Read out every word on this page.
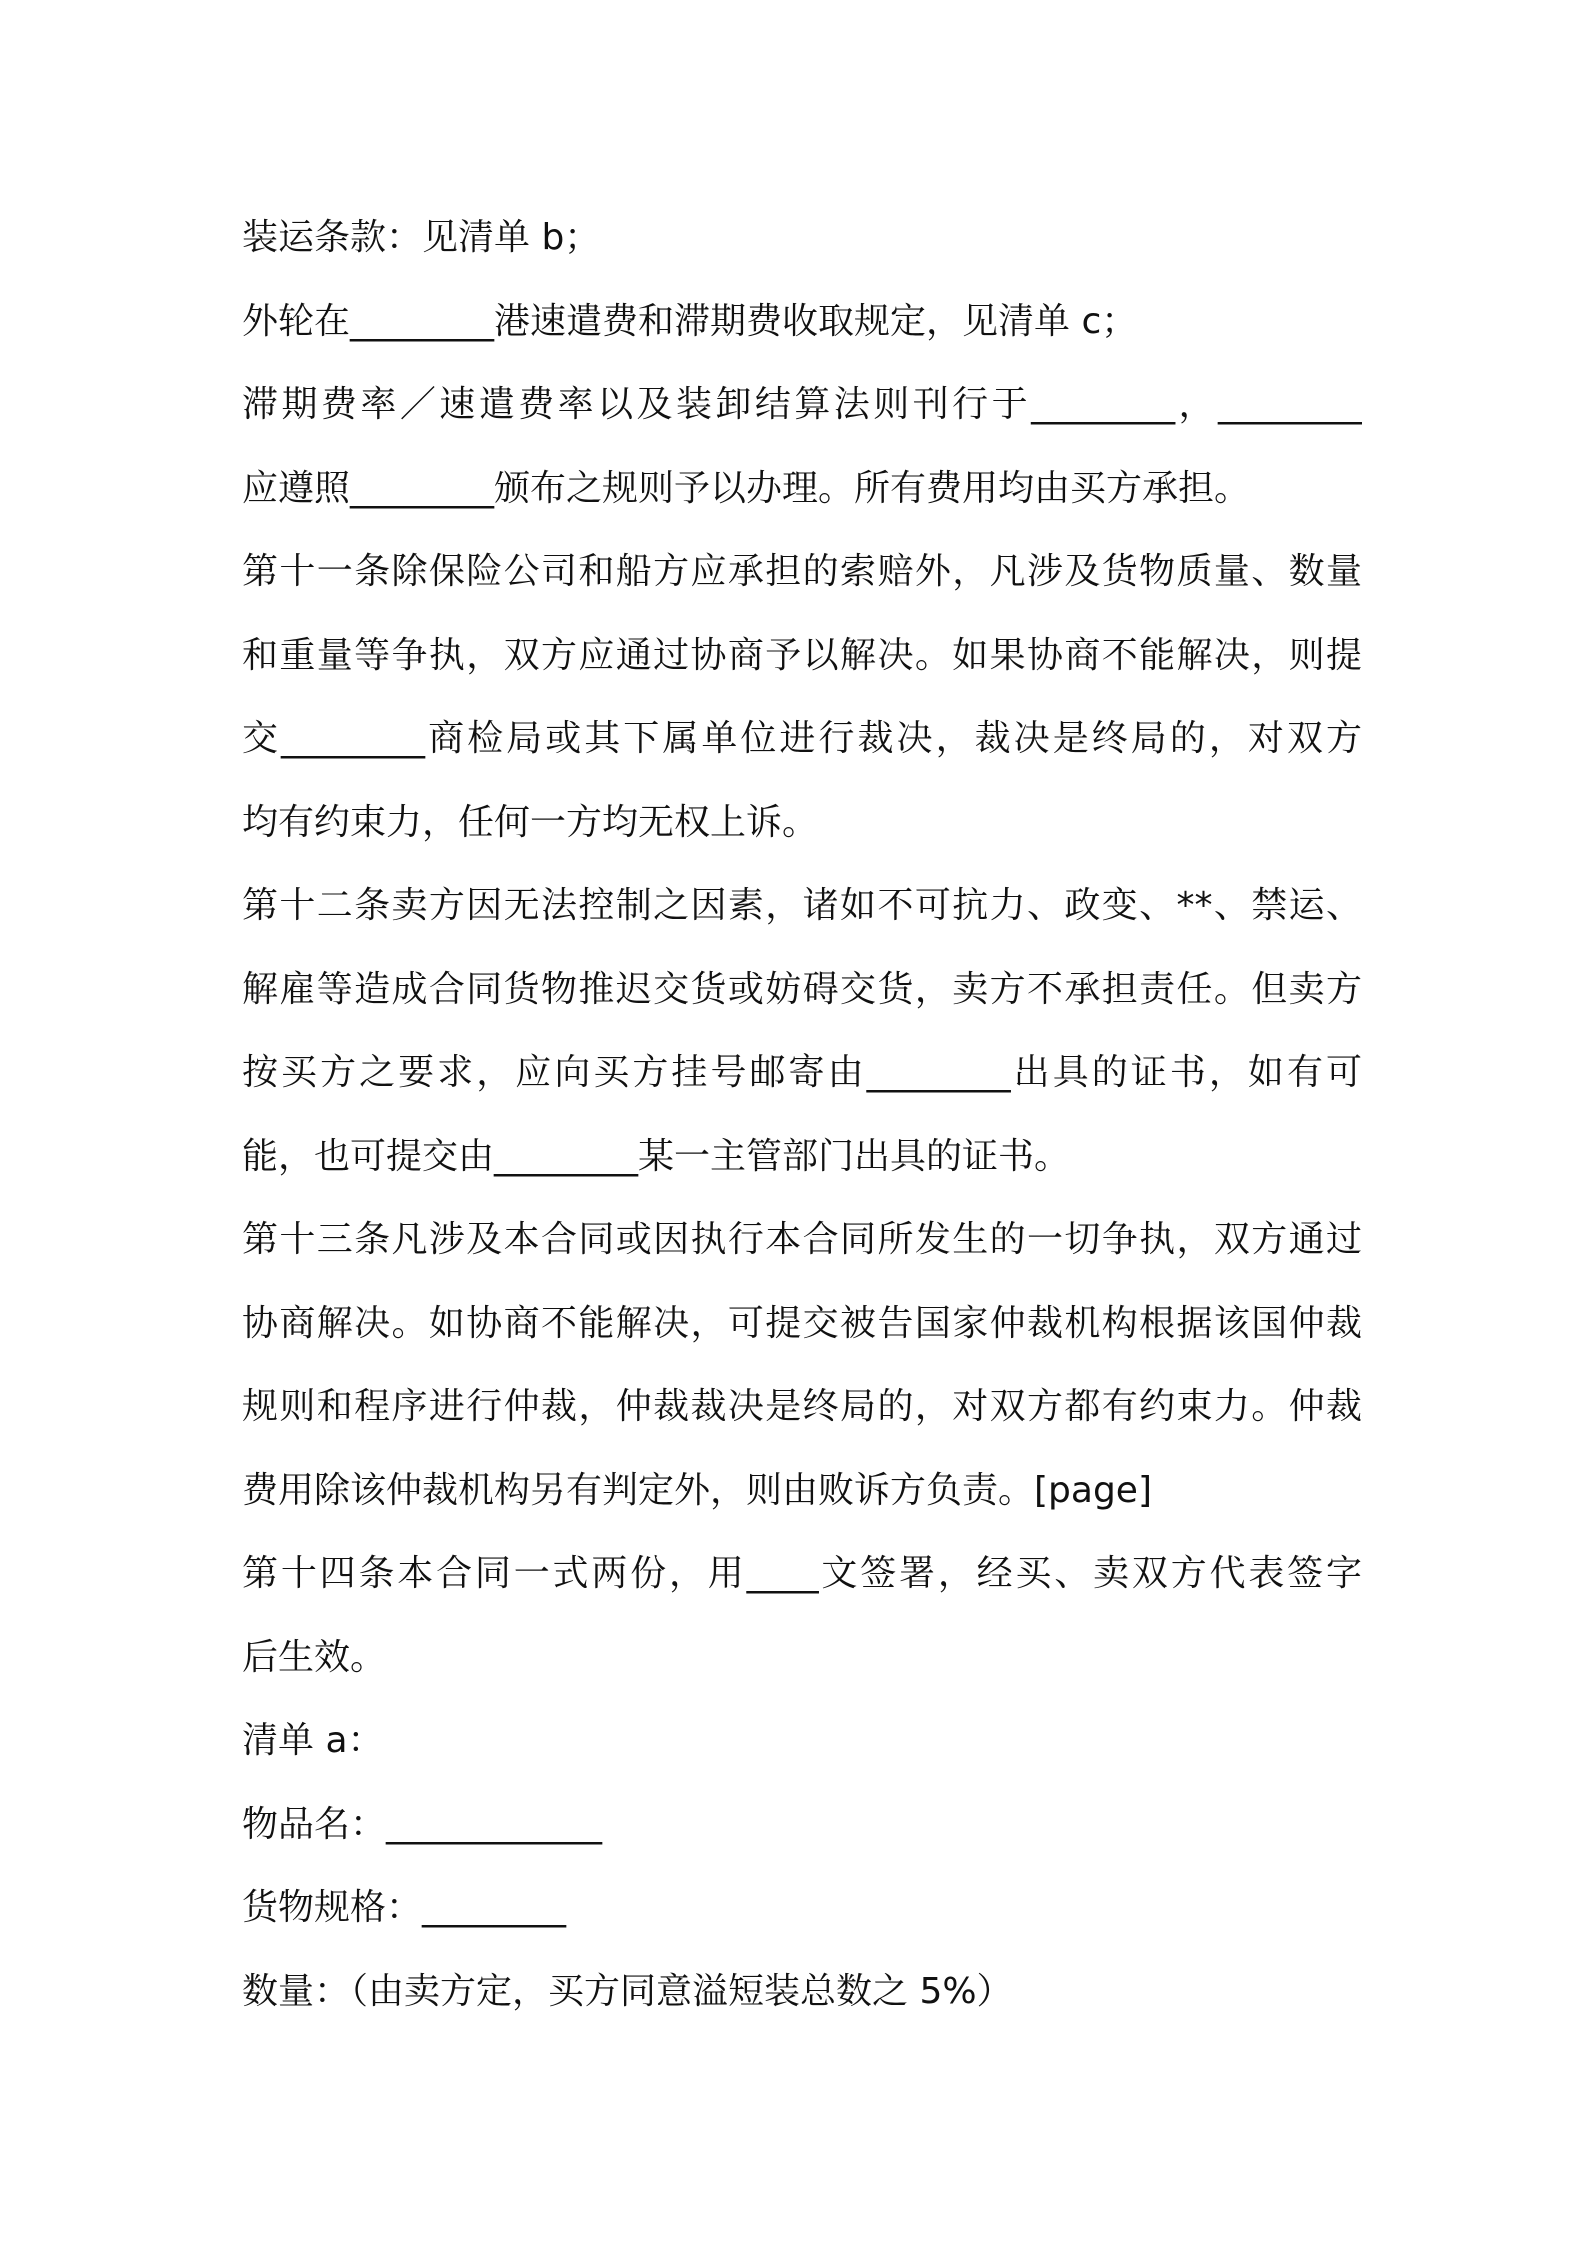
装运条款：见清单 b；
外轮在________港速遣费和滞期费收取规定，见清单 c；
滞期费率／速遣费率以及装卸结算法则刊行于________，________
应遵照________颁布之规则予以办理。所有费用均由买方承担。
第十一条除保险公司和船方应承担的索赔外，凡涉及货物质量、数量
和重量等争执，双方应通过协商予以解决。如果协商不能解决，则提
交________商检局或其下属单位进行裁决，裁决是终局的，对双方
均有约束力，任何一方均无权上诉。
第十二条卖方因无法控制之因素，诸如不可抗力、政变、**、禁运、
解雇等造成合同货物推迟交货或妨碍交货，卖方不承担责任。但卖方
按买方之要求，应向买方挂号邮寄由________出具的证书，如有可
能，也可提交由________某一主管部门出具的证书。
第十三条凡涉及本合同或因执行本合同所发生的一切争执，双方通过
协商解决。如协商不能解决，可提交被告国家仲裁机构根据该国仲裁
规则和程序进行仲裁，仲裁裁决是终局的，对双方都有约束力。仲裁
费用除该仲裁机构另有判定外，则由败诉方负责。[page]
第十四条本合同一式两份，用____文签署，经买、卖双方代表签字
后生效。
清单 a：
物品名：____________
货物规格：________
数量：（由卖方定，买方同意溢短装总数之 5%）
